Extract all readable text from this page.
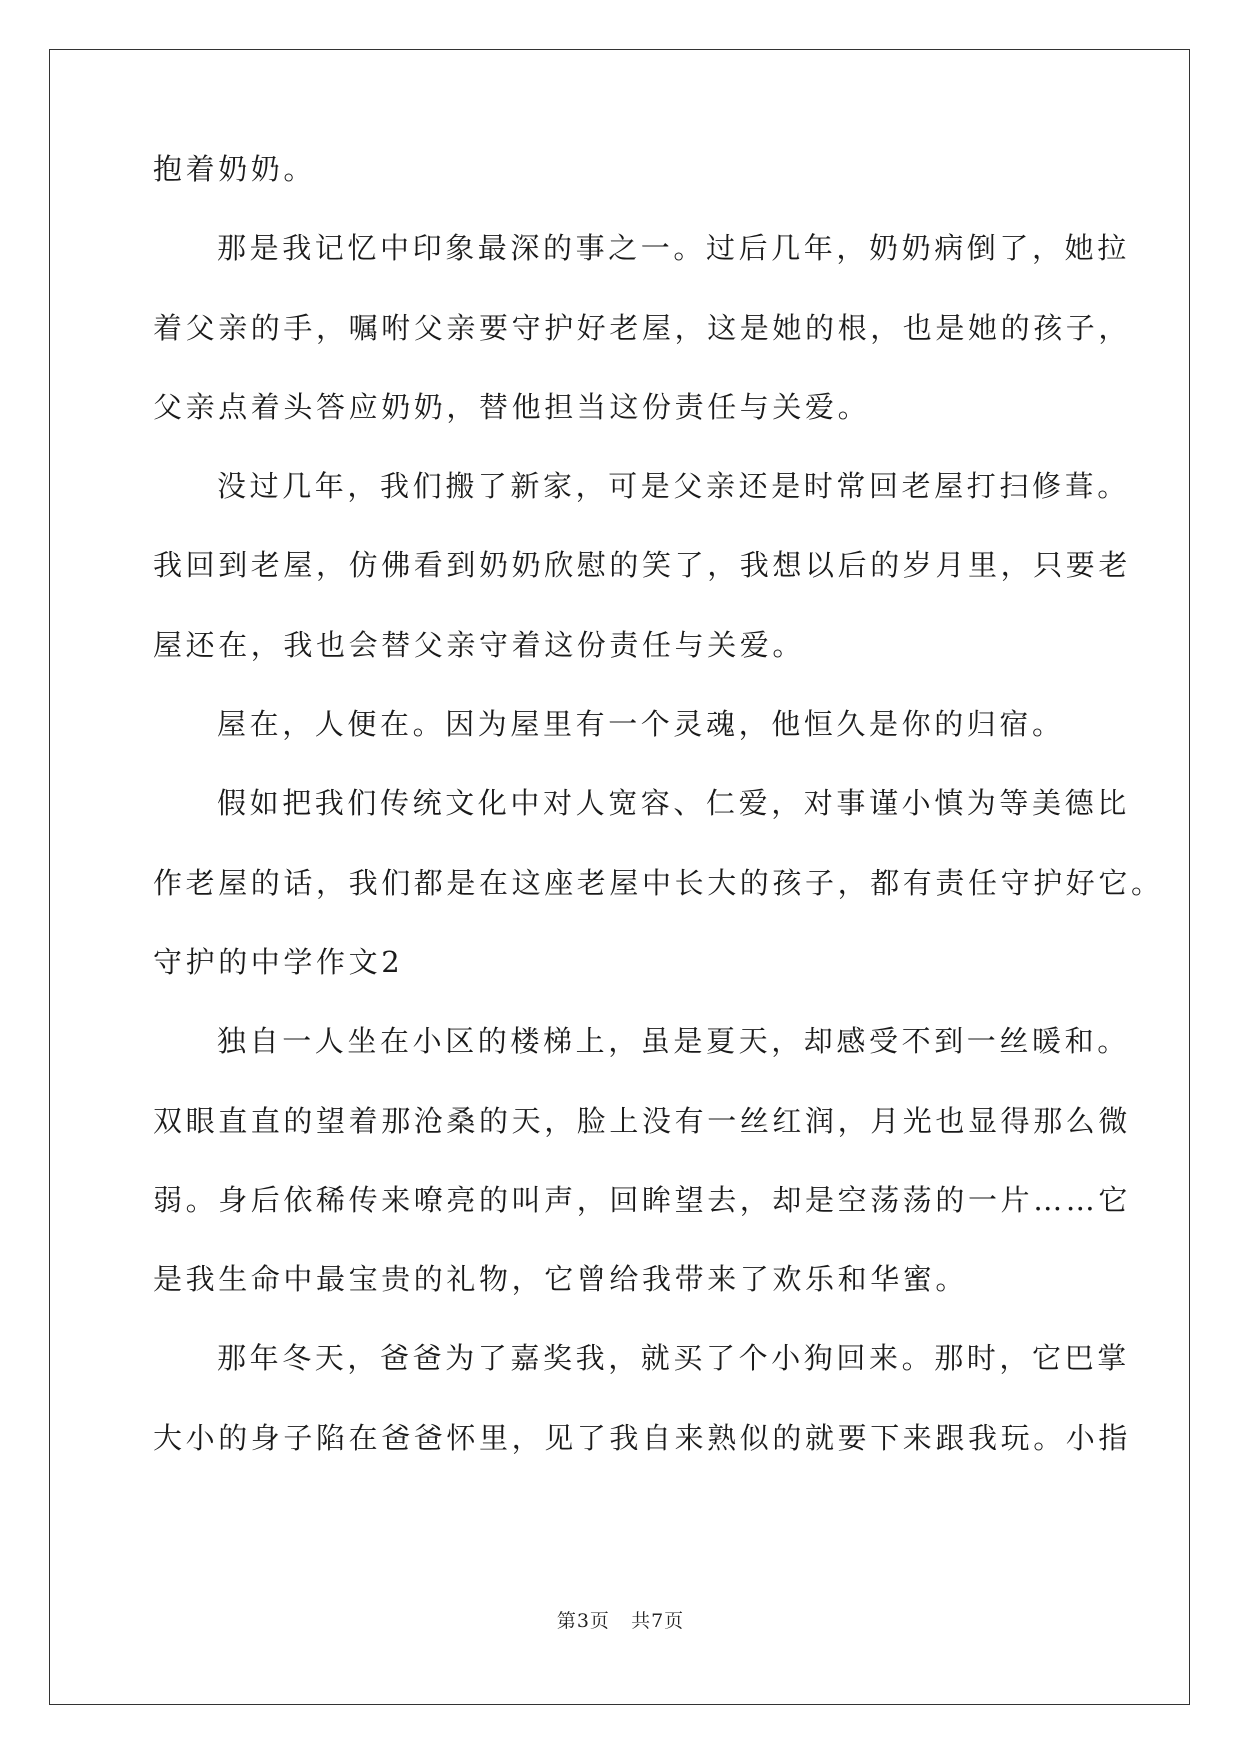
抱着奶奶。
那是我记忆中印象最深的事之一。过后几年，奶奶病倒了，她拉
着父亲的手，嘱咐父亲要守护好老屋，这是她的根，也是她的孩子，
父亲点着头答应奶奶，替他担当这份责任与关爱。
没过几年，我们搬了新家，可是父亲还是时常回老屋打扫修葺。
我回到老屋，仿佛看到奶奶欣慰的笑了，我想以后的岁月里，只要老
屋还在，我也会替父亲守着这份责任与关爱。
屋在，人便在。因为屋里有一个灵魂，他恒久是你的归宿。
假如把我们传统文化中对人宽容、仁爱，对事谨小慎为等美德比
作老屋的话，我们都是在这座老屋中长大的孩子，都有责任守护好它。
守护的中学作文2
独自一人坐在小区的楼梯上，虽是夏天，却感受不到一丝暖和。
双眼直直的望着那沧桑的天，脸上没有一丝红润，月光也显得那么微
弱。身后依稀传来嘹亮的叫声，回眸望去，却是空荡荡的一片……它
是我生命中最宝贵的礼物，它曾给我带来了欢乐和华蜜。
那年冬天，爸爸为了嘉奖我，就买了个小狗回来。那时，它巴掌
大小的身子陷在爸爸怀里，见了我自来熟似的就要下来跟我玩。小指
第3页 共7页
